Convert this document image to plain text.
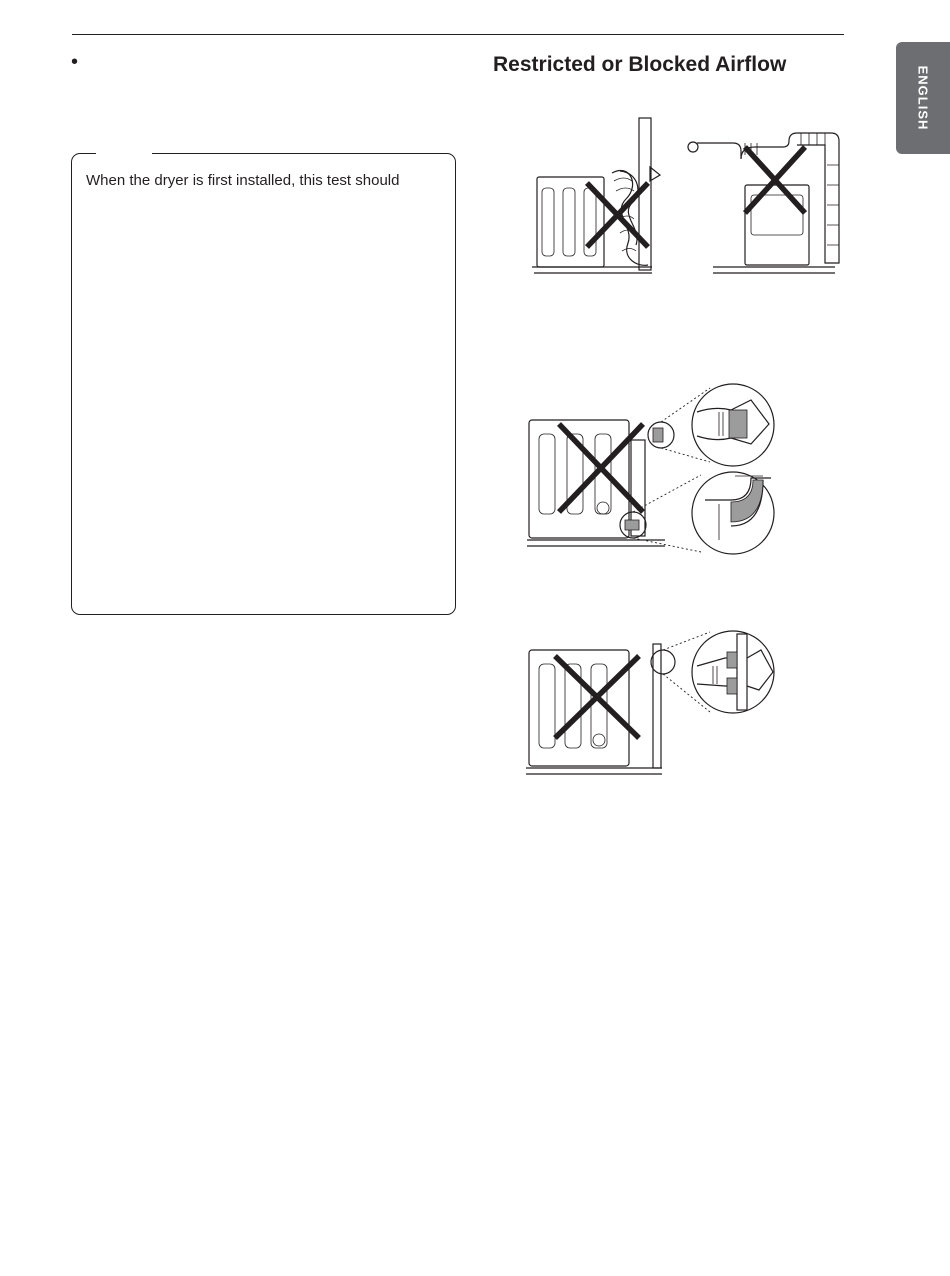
ENGLISH
•
When the dryer is first installed, this test should
Restricted or Blocked Airflow
